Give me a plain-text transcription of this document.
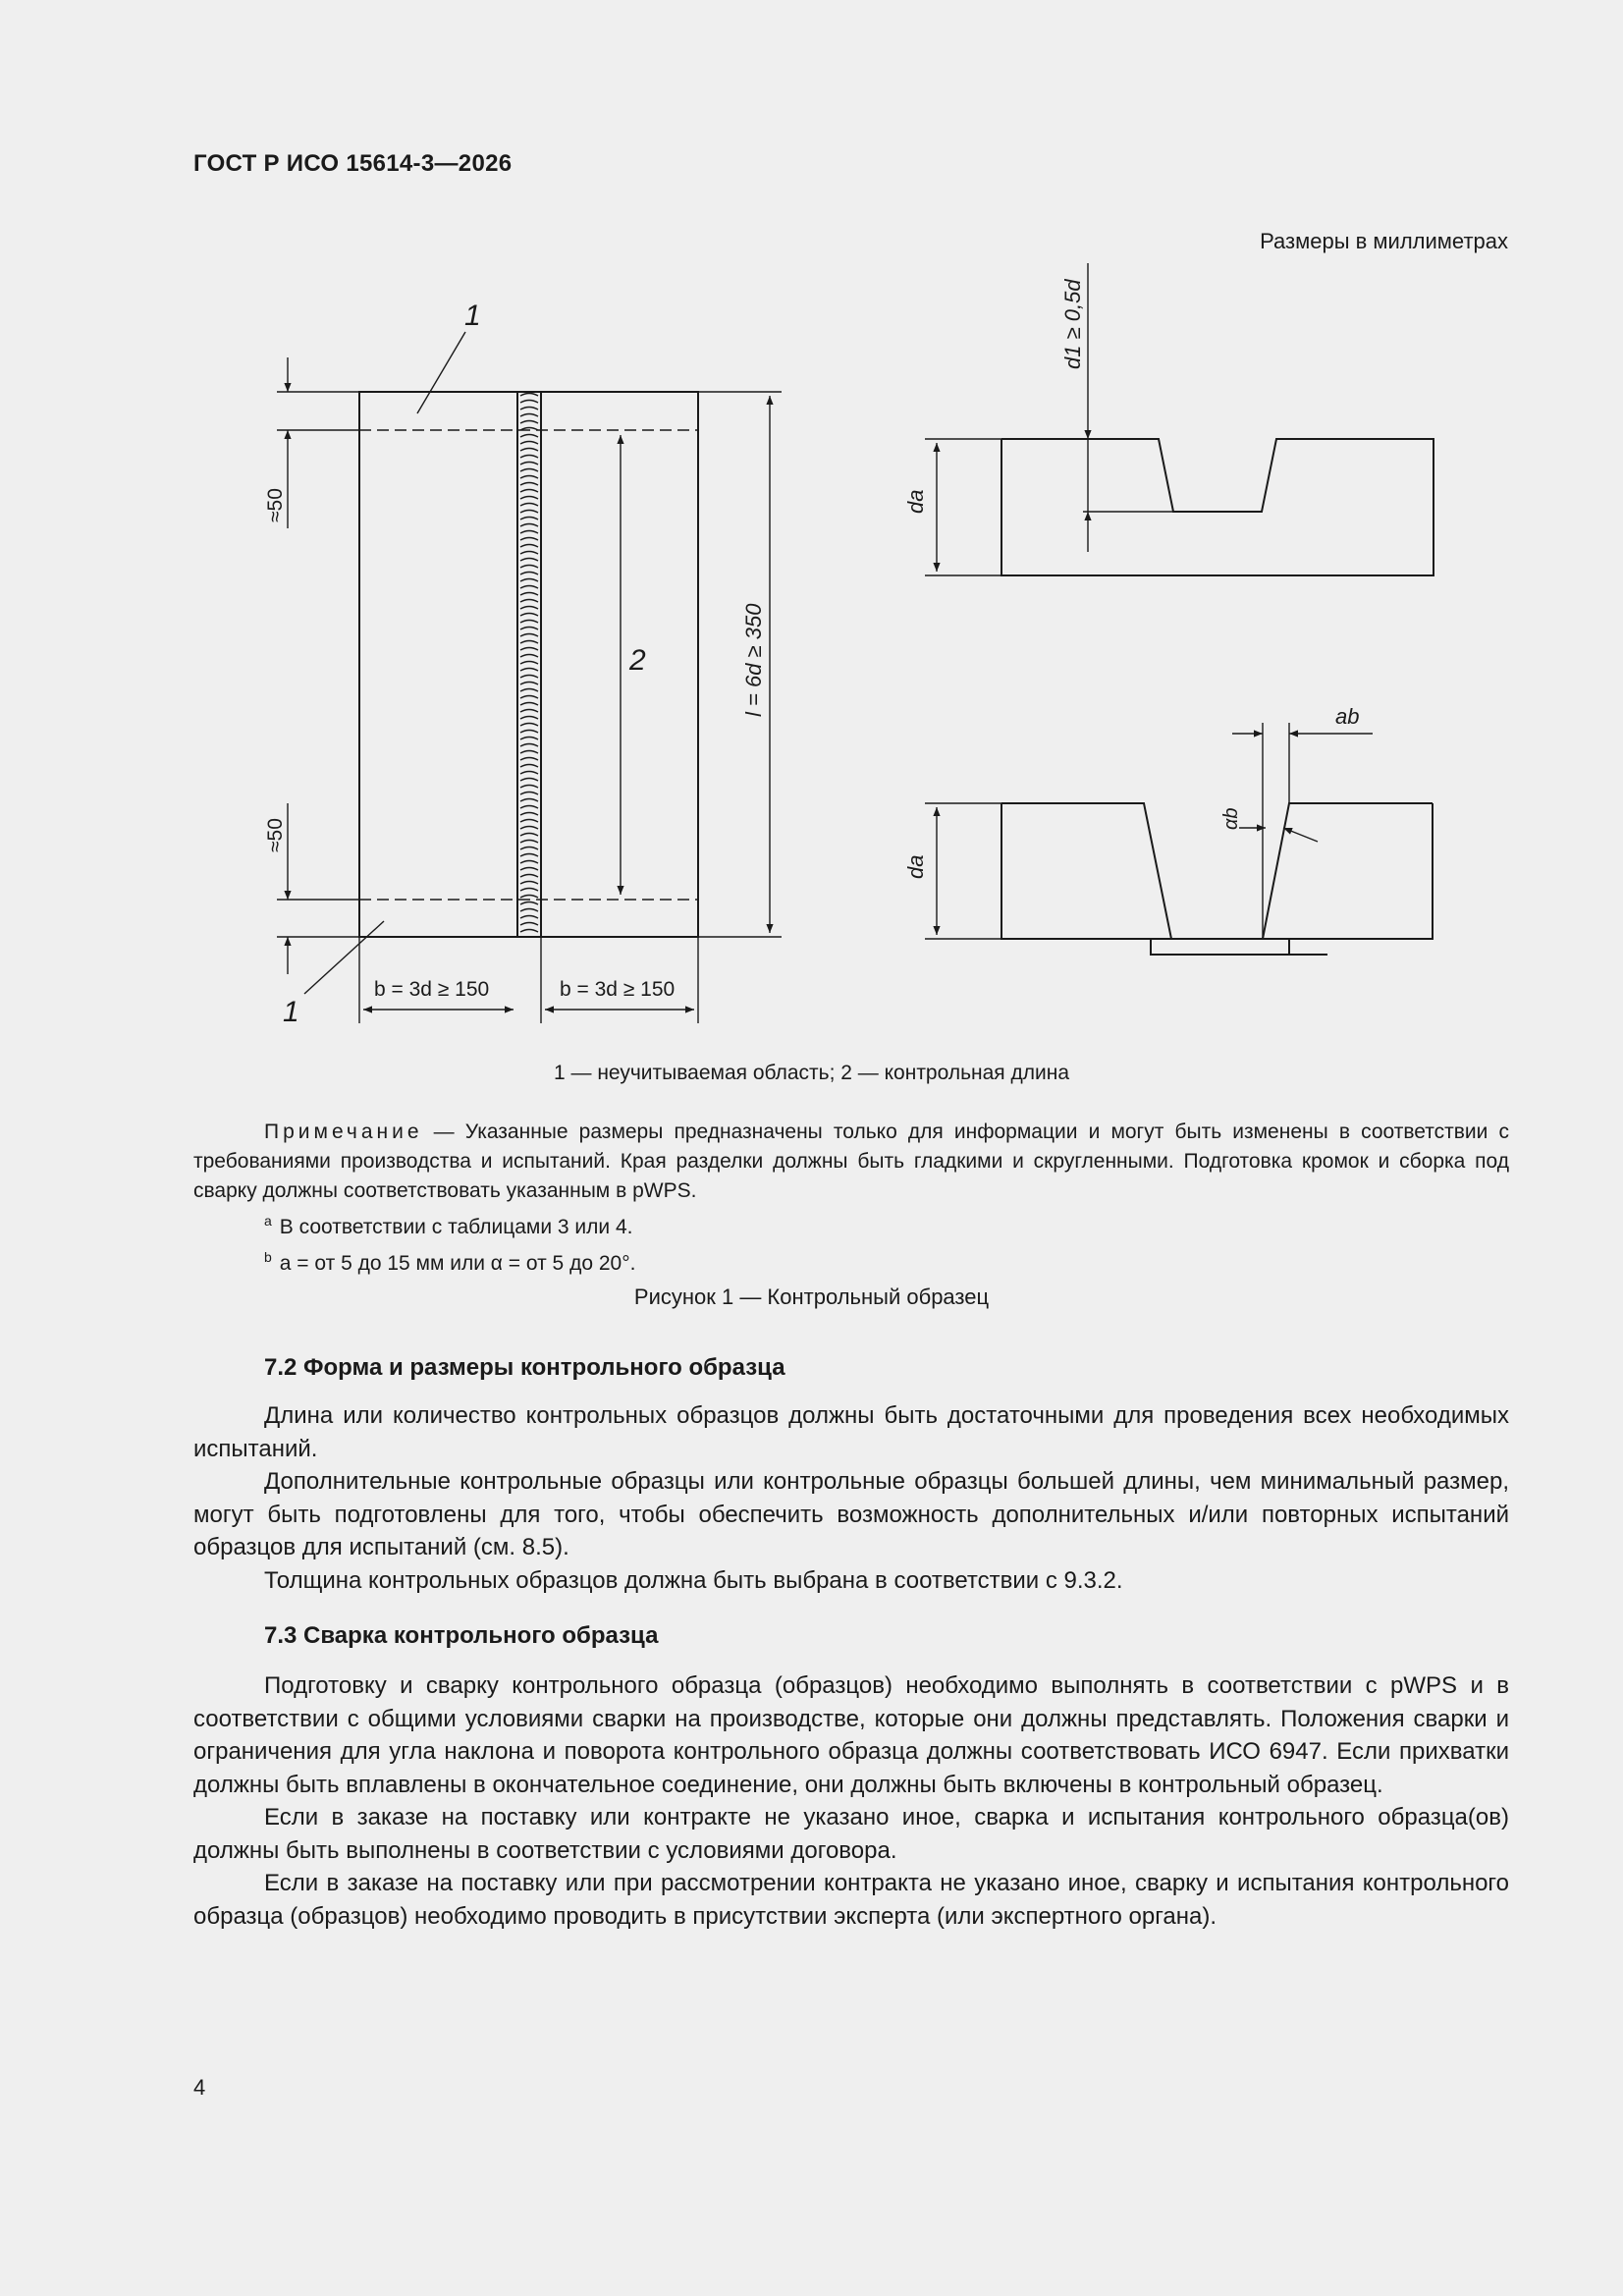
ГОСТ Р ИСО 15614-3—2026
Размеры в миллиметрах
1
1
2
≈50
≈50
l = 6d ≥ 350
b = 3d ≥ 150	b = 3d ≥ 150
d1 ≥ 0,5d
da
da
ab
αb
1 — неучитываемая область; 2 — контрольная длина

Примечание — Указанные размеры предназначены только для информации и могут быть изменены в соответствии с требованиями производства и испытаний. Края разделки должны быть гладкими и скругленными. Подготовка кромок и сборка под сварку должны соответствовать указанным в pWPS.

$^a$ В соответствии с таблицами 3 или 4.

$^b$ a = от 5 до 15 мм или α = от 5 до 20°.

Рисунок 1 — Контрольный образец
7.2 Форма и размеры контрольного образца

Длина или количество контрольных образцов должны быть достаточными для проведения всех необходимых испытаний.

Дополнительные контрольные образцы или контрольные образцы большей длины, чем минимальный размер, могут быть подготовлены для того, чтобы обеспечить возможность дополнительных и/или повторных испытаний образцов для испытаний (см. 8.5).

Толщина контрольных образцов должна быть выбрана в соответствии с 9.3.2.

7.3 Сварка контрольного образца

Подготовку и сварку контрольного образца (образцов) необходимо выполнять в соответствии с pWPS и в соответствии с общими условиями сварки на производстве, которые они должны представлять. Положения сварки и ограничения для угла наклона и поворота контрольного образца должны соответствовать ИСО 6947. Если прихватки должны быть вплавлены в окончательное соединение, они должны быть включены в контрольный образец.

Если в заказе на поставку или контракте не указано иное, сварка и испытания контрольного образца(ов) должны быть выполнены в соответствии с условиями договора.

Если в заказе на поставку или при рассмотрении контракта не указано иное, сварку и испытания контрольного образца (образцов) необходимо проводить в присутствии эксперта (или экспертного органа).

4
